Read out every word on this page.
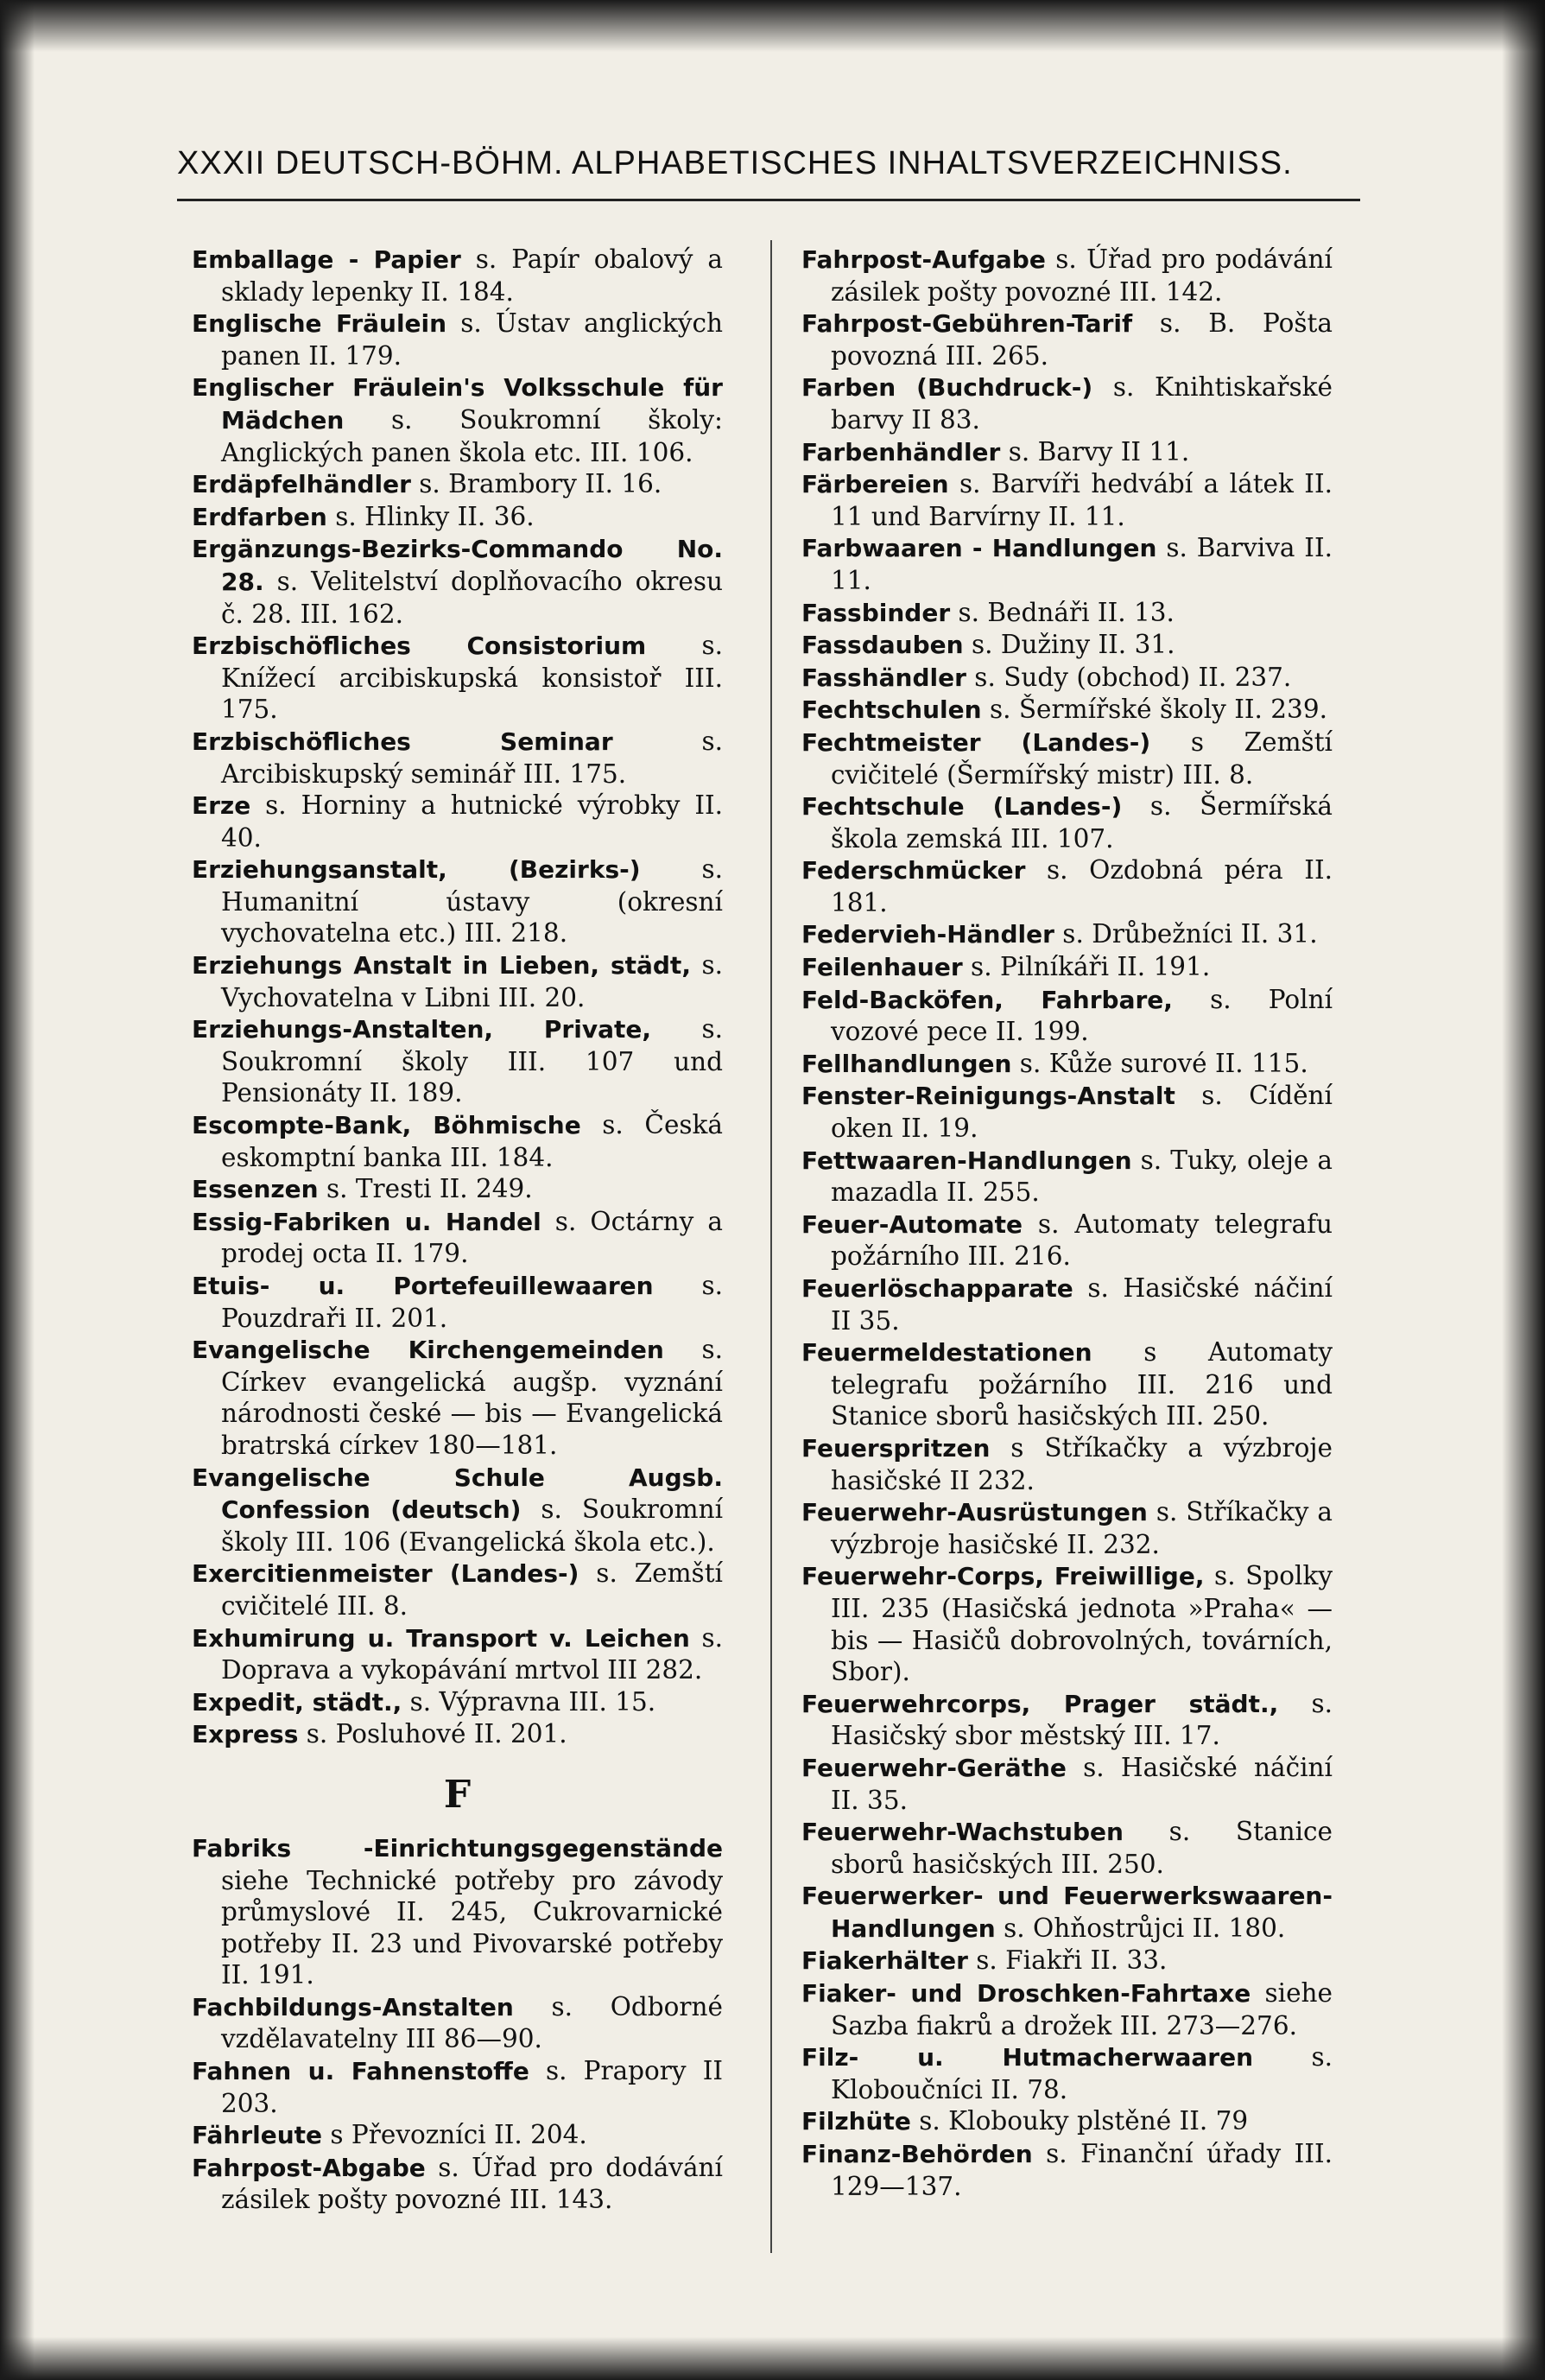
XXXII DEUTSCH-BÖHM. ALPHABETISCHES INHALTSVERZEICHNISS.

Emballage - Papier s. Papír obalový a sklady lepenky II. 184.

Englische Fräulein s. Ústav anglických panen II. 179.

Englischer Fräulein's Volksschule für Mädchen s. Soukromní školy: Anglických panen škola etc. III. 106.

Erdäpfelhändler s. Brambory II. 16.

Erdfarben s. Hlinky II. 36.

Ergänzungs-Bezirks-Commando No. 28. s. Velitelství doplňovacího okresu č. 28. III. 162.

Erzbischöfliches Consistorium s. Knížecí arcibiskupská konsistoř III. 175.

Erzbischöfliches Seminar s. Arcibiskupský seminář III. 175.

Erze s. Horniny a hutnické výrobky II. 40.

Erziehungsanstalt, (Bezirks-) s. Humanitní ústavy (okresní vychovatelna etc.) III. 218.

Erziehungs Anstalt in Lieben, städt, s. Vychovatelna v Libni III. 20.

Erziehungs-Anstalten, Private, s. Soukromní školy III. 107 und Pensionáty II. 189.

Escompte-Bank, Böhmische s. Česká eskomptní banka III. 184.

Essenzen s. Tresti II. 249.

Essig-Fabriken u. Handel s. Octárny a prodej octa II. 179.

Etuis- u. Portefeuillewaaren s. Pouzdraři II. 201.

Evangelische Kirchengemeinden s. Církev evangelická augšp. vyznání národnosti české — bis — Evangelická bratrská církev 180—181.

Evangelische Schule Augsb. Confession (deutsch) s. Soukromní školy III. 106 (Evangelická škola etc.).

Exercitienmeister (Landes-) s. Zemští cvičitelé III. 8.

Exhumirung u. Transport v. Leichen s. Doprava a vykopávání mrtvol III 282.

Expedit, städt., s. Výpravna III. 15.

Express s. Posluhové II. 201.

F

Fabriks -Einrichtungsgegenstände siehe Technické potřeby pro závody průmyslové II. 245, Cukrovarnické potřeby II. 23 und Pivovarské potřeby II. 191.

Fachbildungs-Anstalten s. Odborné vzdělavatelny III 86—90.

Fahnen u. Fahnenstoffe s. Prapory II 203.

Fährleute s Převozníci II. 204.

Fahrpost-Abgabe s. Úřad pro dodávání zásilek pošty povozné III. 143.

Fahrpost-Aufgabe s. Úřad pro podávání zásilek pošty povozné III. 142.

Fahrpost-Gebühren-Tarif s. B. Pošta povozná III. 265.

Farben (Buchdruck-) s. Knihtiskařské barvy II 83.

Farbenhändler s. Barvy II 11.

Färbereien s. Barvíři hedvábí a látek II. 11 und Barvírny II. 11.

Farbwaaren - Handlungen s. Barviva II. 11.

Fassbinder s. Bednáři II. 13.

Fassdauben s. Dužiny II. 31.

Fasshändler s. Sudy (obchod) II. 237.

Fechtschulen s. Šermířské školy II. 239.

Fechtmeister (Landes-) s Zemští cvičitelé (Šermířský mistr) III. 8.

Fechtschule (Landes-) s. Šermířská škola zemská III. 107.

Federschmücker s. Ozdobná péra II. 181.

Federvieh-Händler s. Drůbežníci II. 31.

Feilenhauer s. Pilníkáři II. 191.

Feld-Backöfen, Fahrbare, s. Polní vozové pece II. 199.

Fellhandlungen s. Kůže surové II. 115.

Fenster-Reinigungs-Anstalt s. Cídění oken II. 19.

Fettwaaren-Handlungen s. Tuky, oleje a mazadla II. 255.

Feuer-Automate s. Automaty telegrafu požárního III. 216.

Feuerlöschapparate s. Hasičské náčiní II 35.

Feuermeldestationen s Automaty telegrafu požárního III. 216 und Stanice sborů hasičských III. 250.

Feuerspritzen s Stříkačky a výzbroje hasičské II 232.

Feuerwehr-Ausrüstungen s. Stříkačky a výzbroje hasičské II. 232.

Feuerwehr-Corps, Freiwillige, s. Spolky III. 235 (Hasičská jednota »Praha« — bis — Hasičů dobrovolných, továrních, Sbor).

Feuerwehrcorps, Prager städt., s. Hasičský sbor městský III. 17.

Feuerwehr-Geräthe s. Hasičské náčiní II. 35.

Feuerwehr-Wachstuben s. Stanice sborů hasičských III. 250.

Feuerwerker- und Feuerwerkswaaren-Handlungen s. Ohňostrůjci II. 180.

Fiakerhälter s. Fiakři II. 33.

Fiaker- und Droschken-Fahrtaxe siehe Sazba fiakrů a drožek III. 273—276.

Filz- u. Hutmacherwaaren s. Kloboučníci II. 78.

Filzhüte s. Klobouky plstěné II. 79

Finanz-Behörden s. Finanční úřady III. 129—137.
